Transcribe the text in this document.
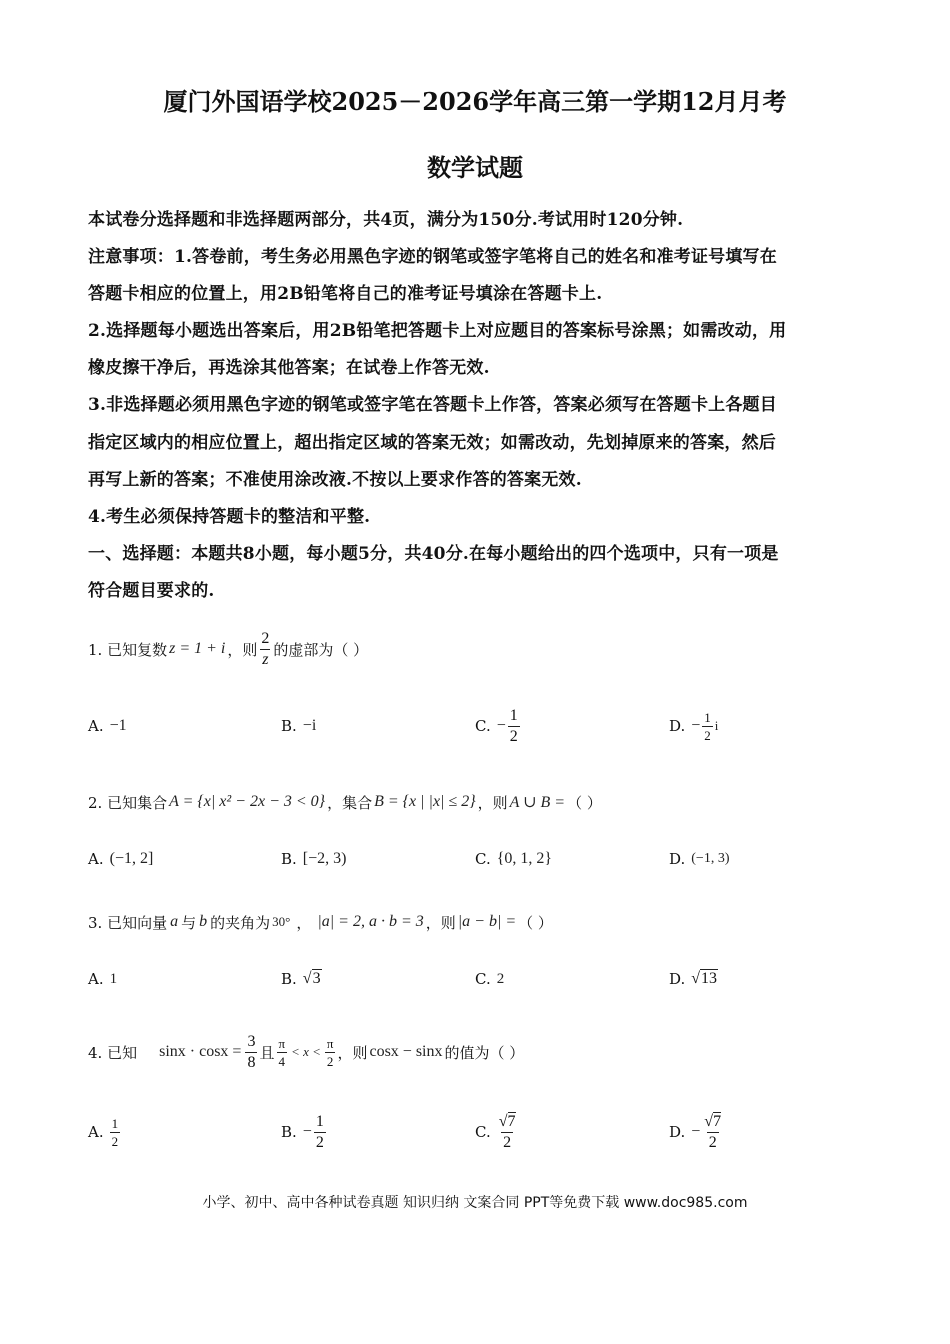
厦门外国语学校2025－2026学年高三第一学期12月月考
数学试题
本试卷分选择题和非选择题两部分，共4页，满分为150分.考试用时120分钟.
注意事项：1.答卷前，考生务必用黑色字迹的钢笔或签字笔将自己的姓名和准考证号填写在
答题卡相应的位置上，用2B铅笔将自己的准考证号填涂在答题卡上.
2.选择题每小题选出答案后，用2B铅笔把答题卡上对应题目的答案标号涂黑；如需改动，用
橡皮擦干净后，再选涂其他答案；在试卷上作答无效.
3.非选择题必须用黑色字迹的钢笔或签字笔在答题卡上作答，答案必须写在答题卡上各题目
指定区域内的相应位置上，超出指定区域的答案无效；如需改动，先划掉原来的答案，然后
再写上新的答案；不准使用涂改液.不按以上要求作答的答案无效.
4.考生必须保持答题卡的整洁和平整.
一、选择题：本题共8小题，每小题5分，共40分.在每小题给出的四个选项中，只有一项是
符合题目要求的.
1. 已知复数 z = 1 + i ，则 $\frac{2}{z}$ 的虚部为（ ）
A. −1	B. −i	C. − $\frac{1}{2}$	D. − $\frac{1}{2}$ i
2. 已知集合 A = {x| x² − 2x − 3 < 0} ，集合 B = {x | |x| ≤ 2} ，则 A ∪ B = （ ）
A. (−1, 2]	B. [−2, 3)	C. {0, 1, 2}	D. (−1, 3)
3. 已知向量 a 与 b 的夹角为 30° ， |a| = 2, a · b = 3 ，则 |a − b| = （ ）
A. 1	B. √3	C. 2	D. √13
4. 已知 $\sin x \cdot \cos x = \frac{3}{8}$ 且 $\frac{\pi}{4} < x < \frac{\pi}{2}$ ，则 cosx − sinx 的值为（ ）
A. $\frac{1}{2}$	B. − $\frac{1}{2}$	C. $\frac{√7}{2}$	D. − $\frac{√7}{2}$
小学、初中、高中各种试卷真题 知识归纳 文案合同 PPT等免费下载 www.doc985.com
